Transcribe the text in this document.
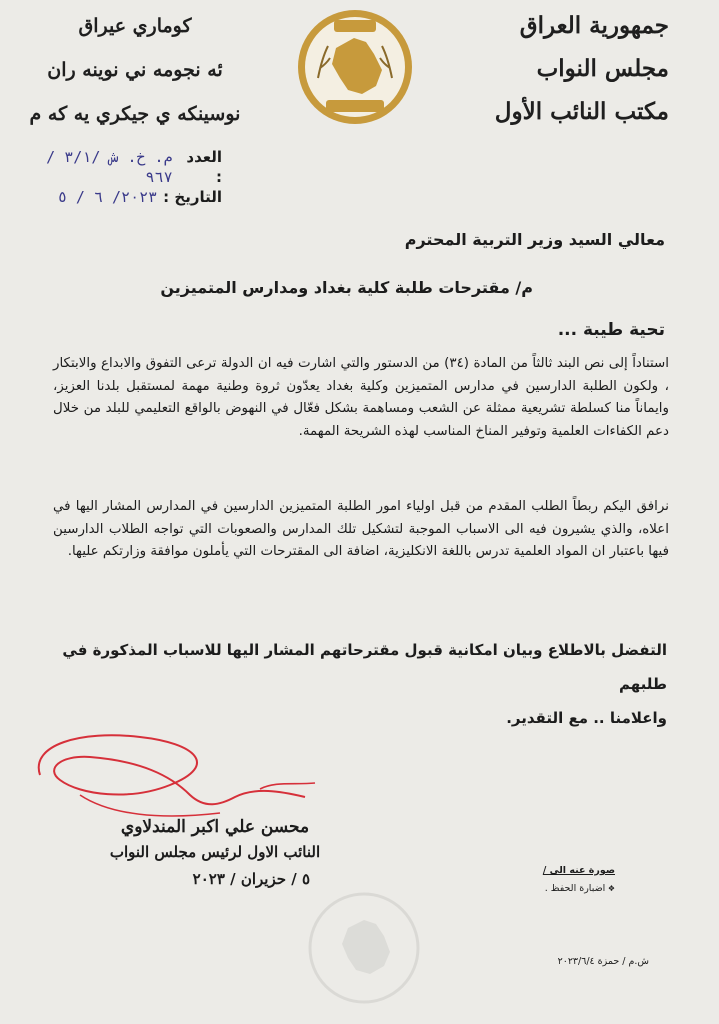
جمهورية العراق
مجلس النواب
مكتب النائب الأول
كوماري عيراق
ئه نجومه ني نوينه ران
نوسينكه ي جيكري يه كه م
العدد :
م. خ. ش /٣/١ / ٩٦٧
التاريخ :
٢٠٢٣/ ٦ / ٥
معالي السيد وزير التربية المحترم
م/ مقترحات طلبة كلية بغداد ومدارس المتميزين
تحية طيبة ...
استناداً إلى نص البند ثالثاً من المادة (٣٤) من الدستور والتي اشارت فيه ان الدولة ترعى التفوق والابداع والابتكار ، ولكون الطلبة الدارسين في مدارس المتميزين وكلية بغداد يعدّون ثروة وطنية مهمة لمستقبل بلدنا العزيز، وايماناً منا كسلطة تشريعية ممثلة عن الشعب ومساهمة بشكل فعّال في النهوض بالواقع التعليمي للبلد من خلال دعم الكفاءات العلمية وتوفير المناخ المناسب لهذه الشريحة المهمة.
نرافق اليكم ربطاً الطلب المقدم من قبل اولياء امور الطلبة المتميزين الدارسين في المدارس المشار اليها في اعلاه، والذي يشيرون فيه الى الاسباب الموجبة لتشكيل تلك المدارس والصعوبات التي تواجه الطلاب الدارسين فيها باعتبار ان المواد العلمية تدرس باللغة الانكليزية، اضافة الى المقترحات التي يأملون موافقة وزارتكم عليها.
التفضل بالاطلاع وبيان امكانية قبول مقترحاتهم المشار اليها للاسباب المذكورة في طلبهم
واعلامنا .. مع التقدير.
محسن علي اكبر المندلاوي
النائب الاول لرئيس مجلس النواب
٥ / حزيران / ٢٠٢٣	صورة عنه الى /
❖ اضبارة الحفظ .
ش.م / حمزة ٢٠٢٣/٦/٤
